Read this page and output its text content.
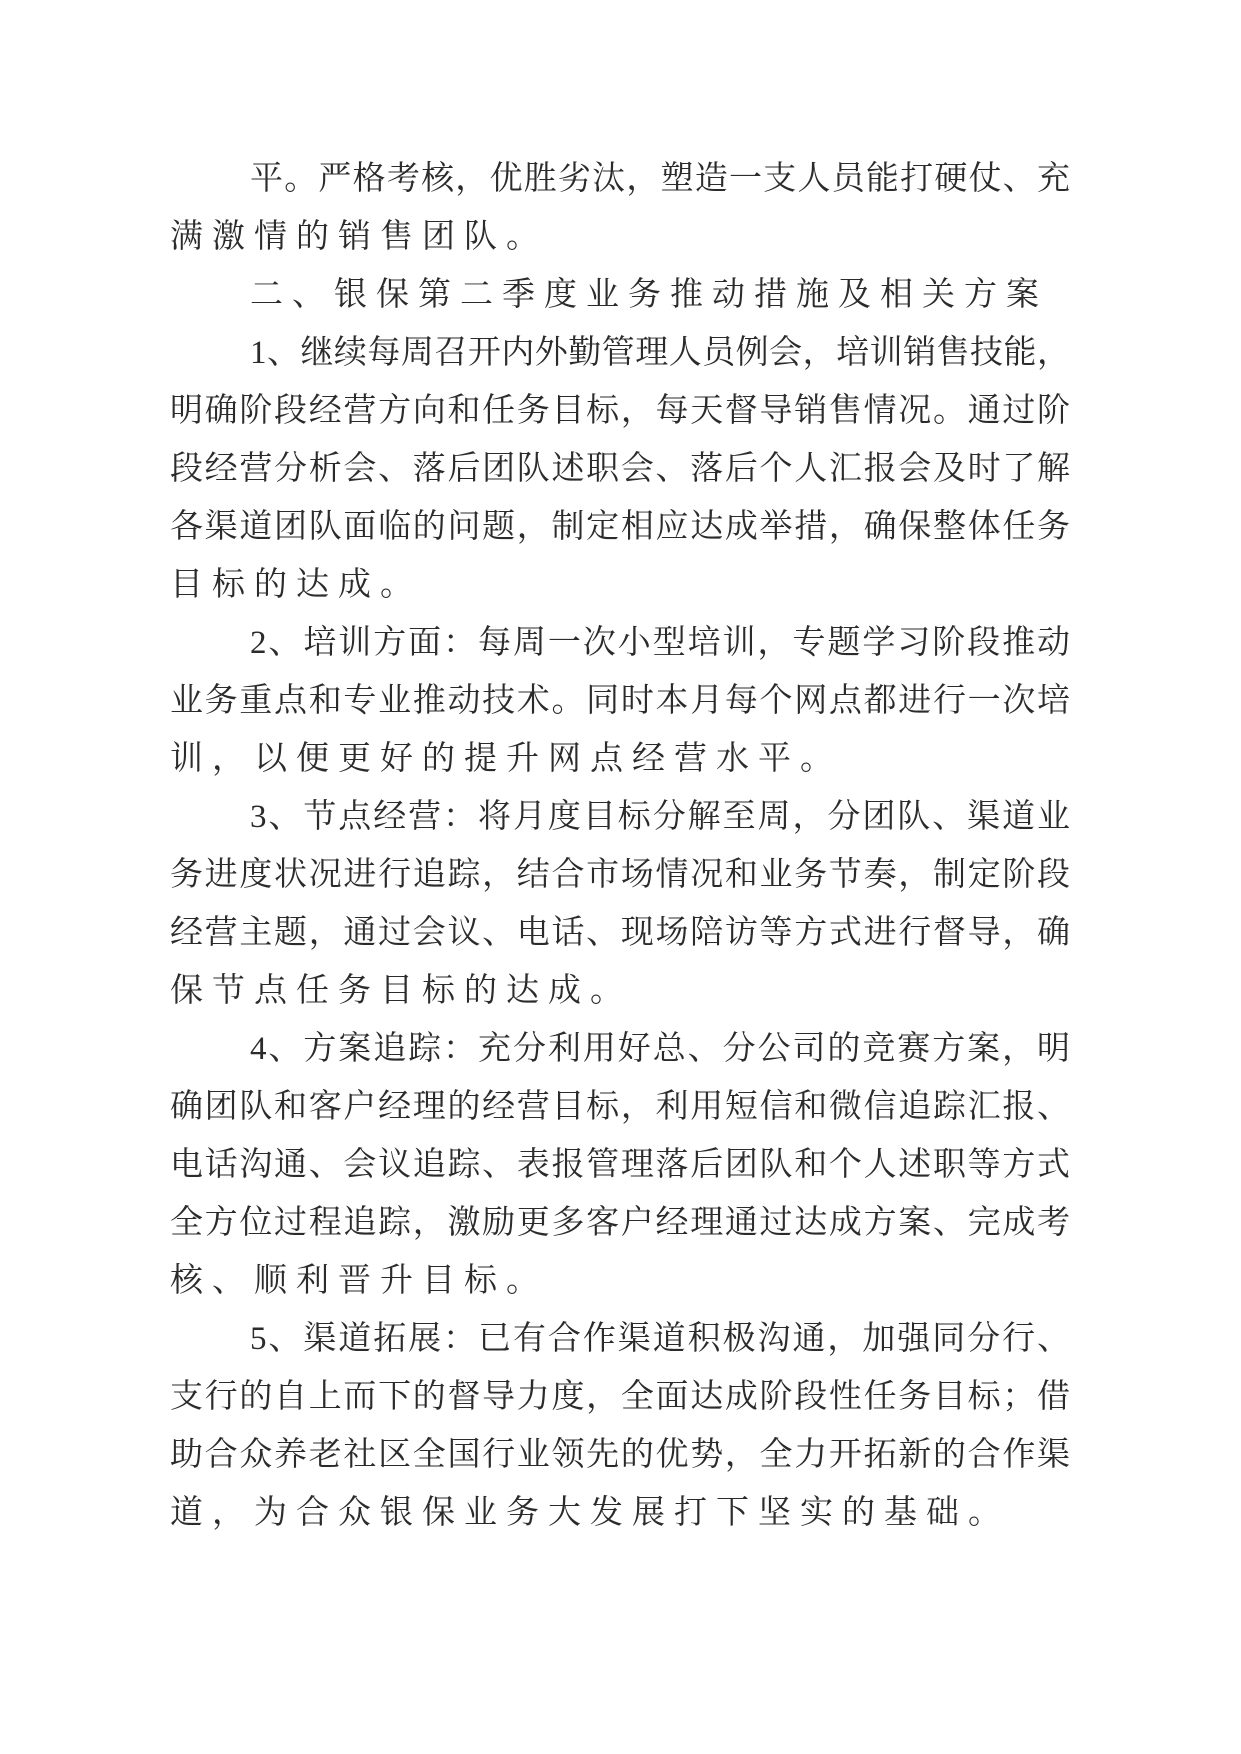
平。严格考核，优胜劣汰，塑造一支人员能打硬仗、充
满激情的销售团队。
二、银保第二季度业务推动措施及相关方案
1、继续每周召开内外勤管理人员例会，培训销售技能，
明确阶段经营方向和任务目标，每天督导销售情况。通过阶
段经营分析会、落后团队述职会、落后个人汇报会及时了解
各渠道团队面临的问题，制定相应达成举措，确保整体任务
目标的达成。
2、培训方面：每周一次小型培训，专题学习阶段推动
业务重点和专业推动技术。同时本月每个网点都进行一次培
训，以便更好的提升网点经营水平。
3、节点经营：将月度目标分解至周，分团队、渠道业
务进度状况进行追踪，结合市场情况和业务节奏，制定阶段
经营主题，通过会议、电话、现场陪访等方式进行督导，确
保节点任务目标的达成。
4、方案追踪：充分利用好总、分公司的竞赛方案，明
确团队和客户经理的经营目标，利用短信和微信追踪汇报、
电话沟通、会议追踪、表报管理落后团队和个人述职等方式
全方位过程追踪，激励更多客户经理通过达成方案、完成考
核、顺利晋升目标。
5、渠道拓展：已有合作渠道积极沟通，加强同分行、
支行的自上而下的督导力度，全面达成阶段性任务目标；借
助合众养老社区全国行业领先的优势，全力开拓新的合作渠
道，为合众银保业务大发展打下坚实的基础。
